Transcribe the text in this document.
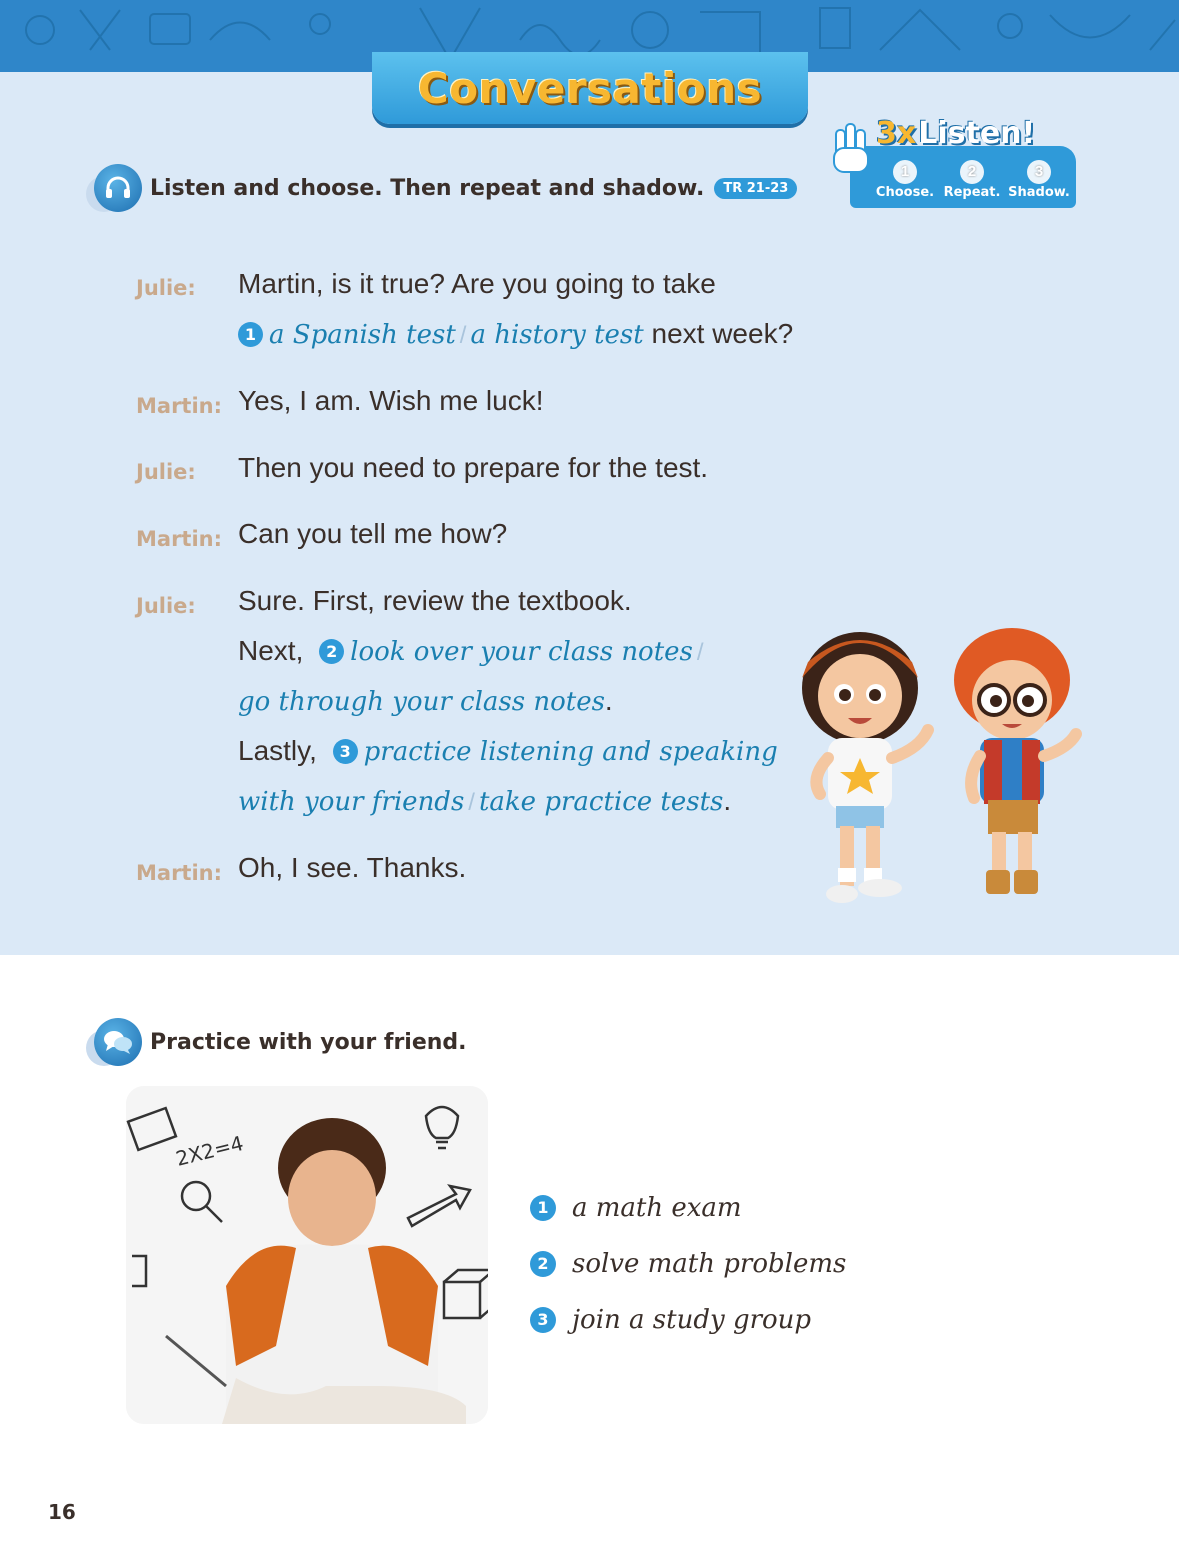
Conversations
Listen and choose. Then repeat and shadow.	TR 21-23
3xListen!
1
Choose.
2
Repeat.
3
Shadow.
Julie:	Martin, is it true? Are you going to take
1 a Spanish test / a history test next week?
Martin: Yes, I am. Wish me luck!
Julie:	Then you need to prepare for the test.
Martin: Can you tell me how?
Julie:	Sure. First, review the textbook.
Next, 2 look over your class notes /
go through your class notes.
Lastly, 3 practice listening and speaking
with your friends / take practice tests.
Martin: Oh, I see. Thanks.
Practice with your friend.
2X2=4
1 a math exam
2 solve math problems
3 join a study group
16
